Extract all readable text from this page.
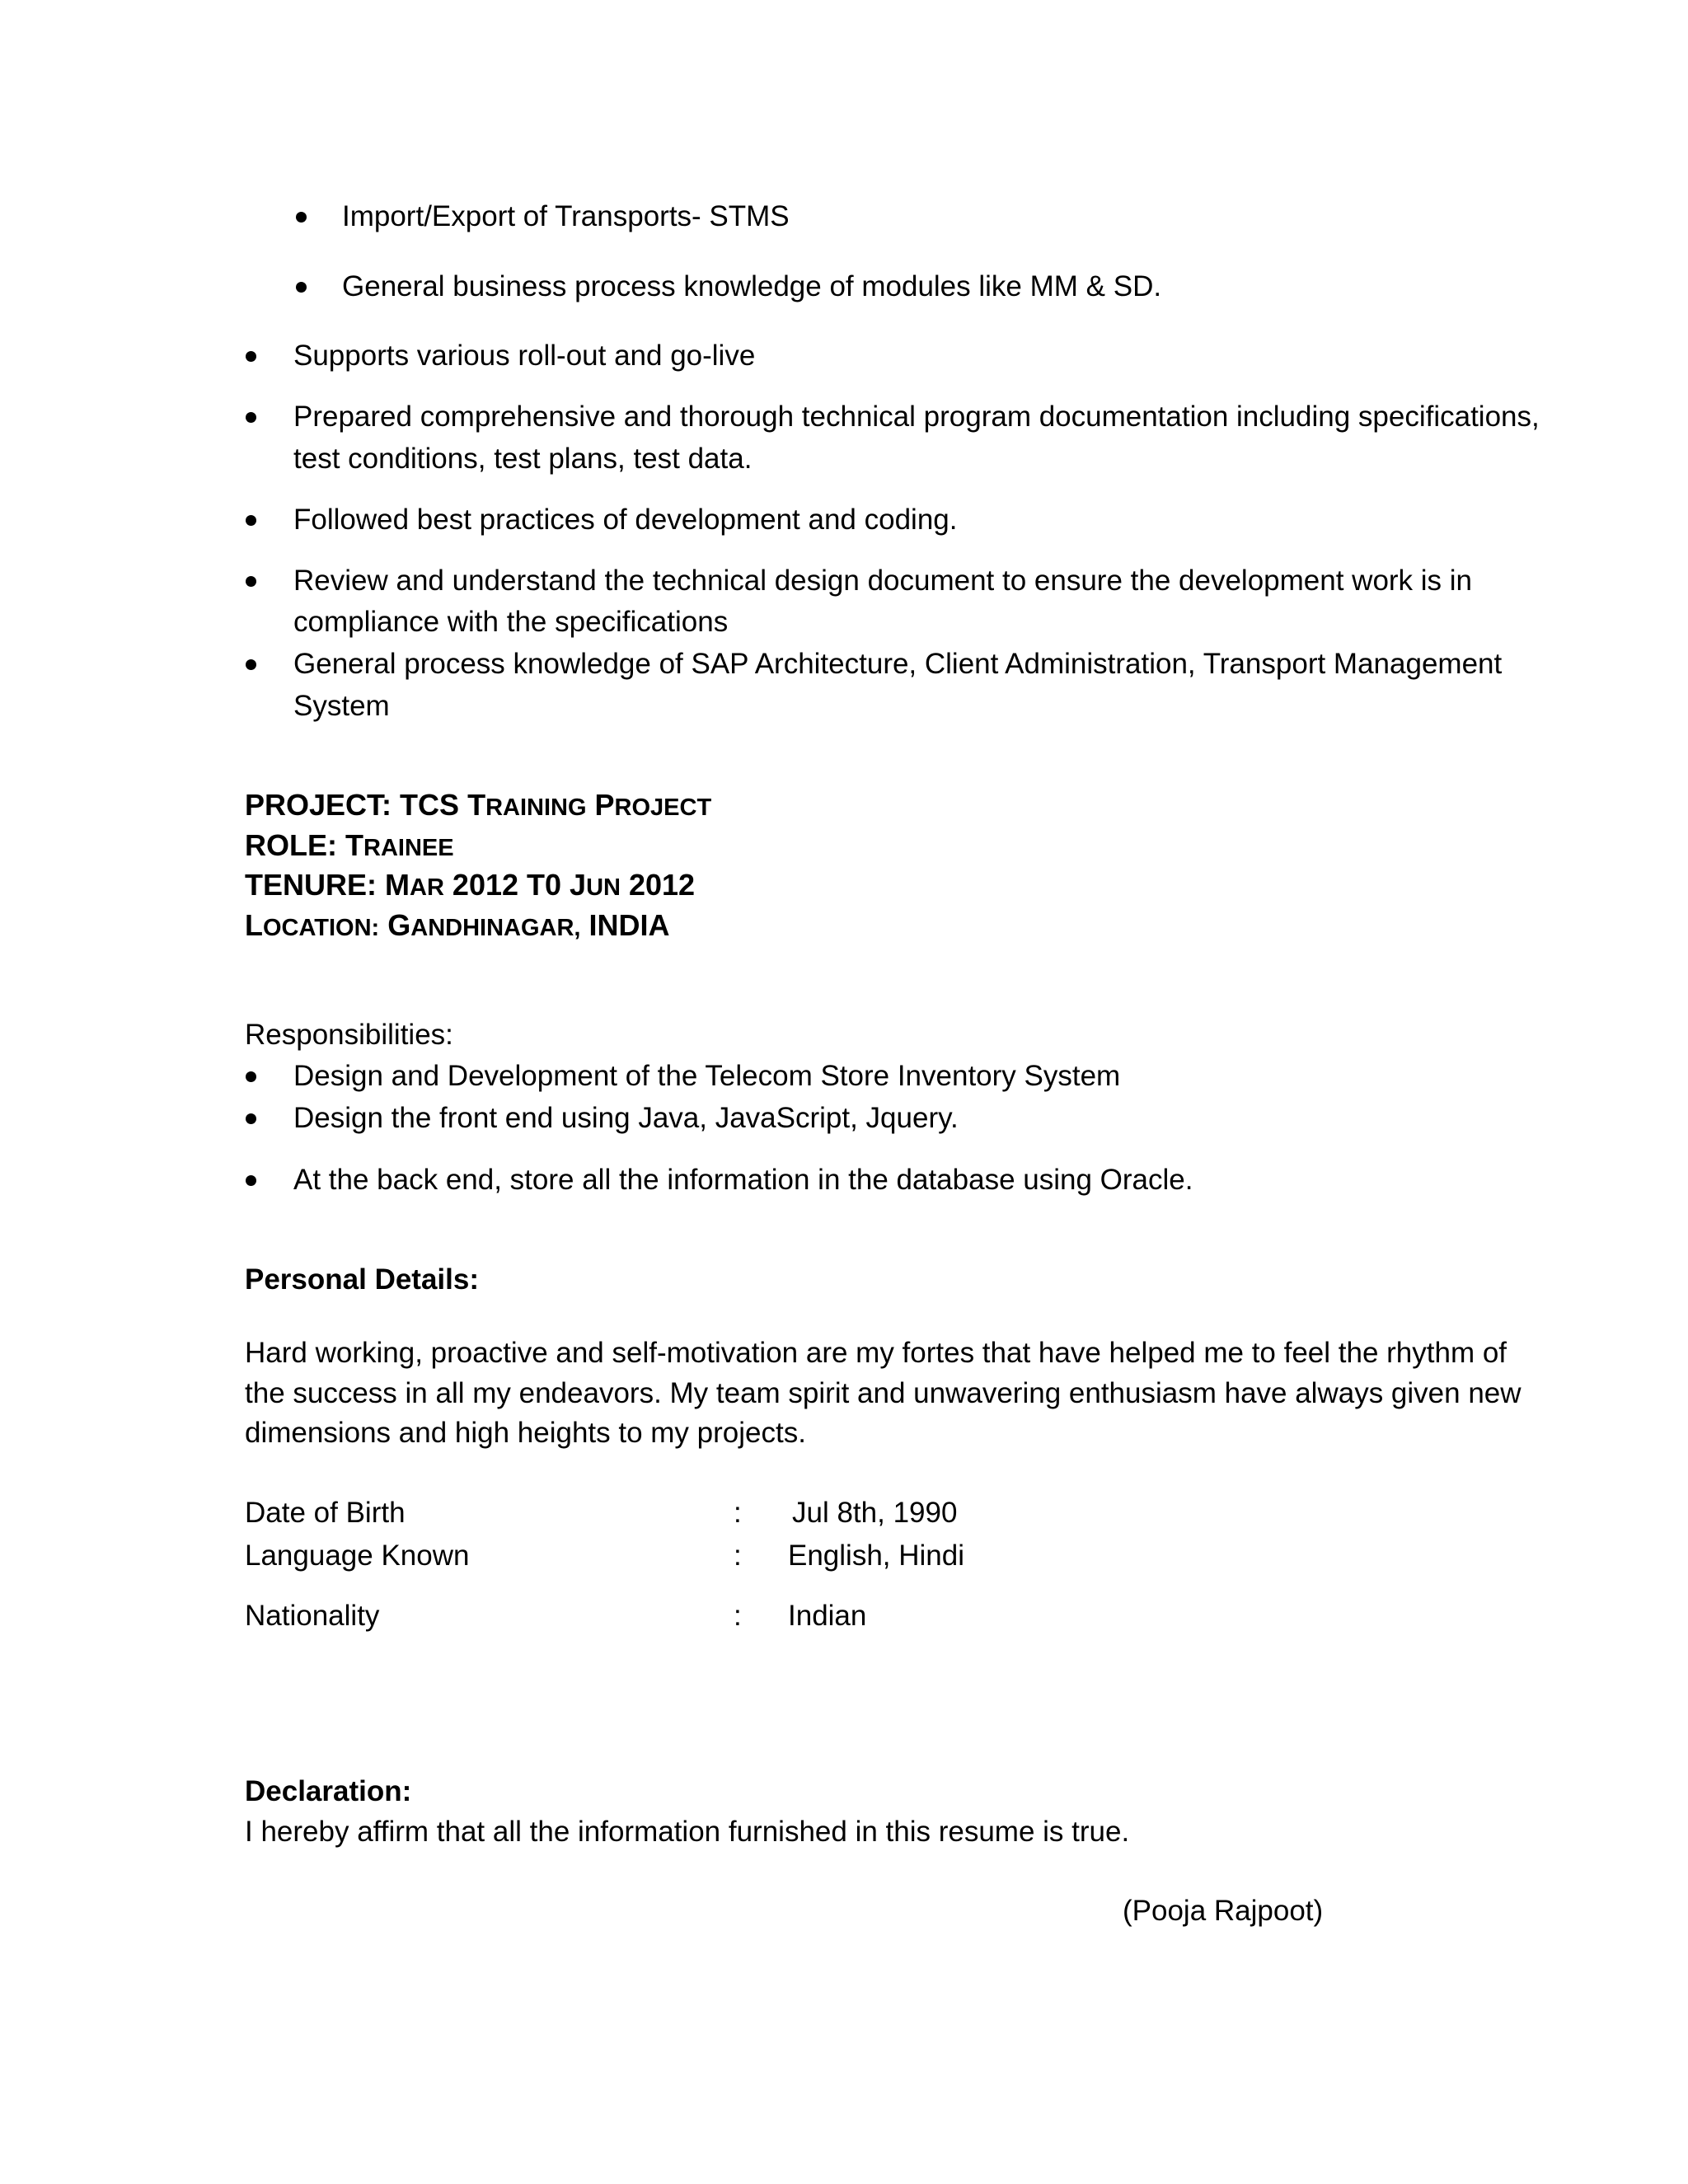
Import/Export of Transports- STMS
General business process knowledge of modules like MM & SD.
Supports various roll-out and go-live
Prepared comprehensive and thorough technical program documentation including specifications,
test conditions, test plans, test data.
Followed best practices of development and coding.
Review and understand the technical design document to ensure the development work is in
compliance with the specifications
General process knowledge of SAP Architecture, Client Administration, Transport Management
System
PROJECT: TCS TRAINING PROJECT
ROLE: TRAINEE
TENURE: MAR 2012 T0 JUN 2012
LOCATION: GANDHINAGAR, INDIA
Responsibilities:
Design and Development of the Telecom Store Inventory System
Design the front end using Java, JavaScript, Jquery.
At the back end, store all the information in the database using Oracle.
Personal Details:
Hard working, proactive and self-motivation are my fortes that have helped me to feel the rhythm of
the success in all my endeavors. My team spirit and unwavering enthusiasm have always given new
dimensions and high heights to my projects.
Date of Birth	: Jul 8th, 1990
Language Known	: English, Hindi
Nationality	: Indian
Declaration:
I hereby affirm that all the information furnished in this resume is true.
(Pooja Rajpoot)
